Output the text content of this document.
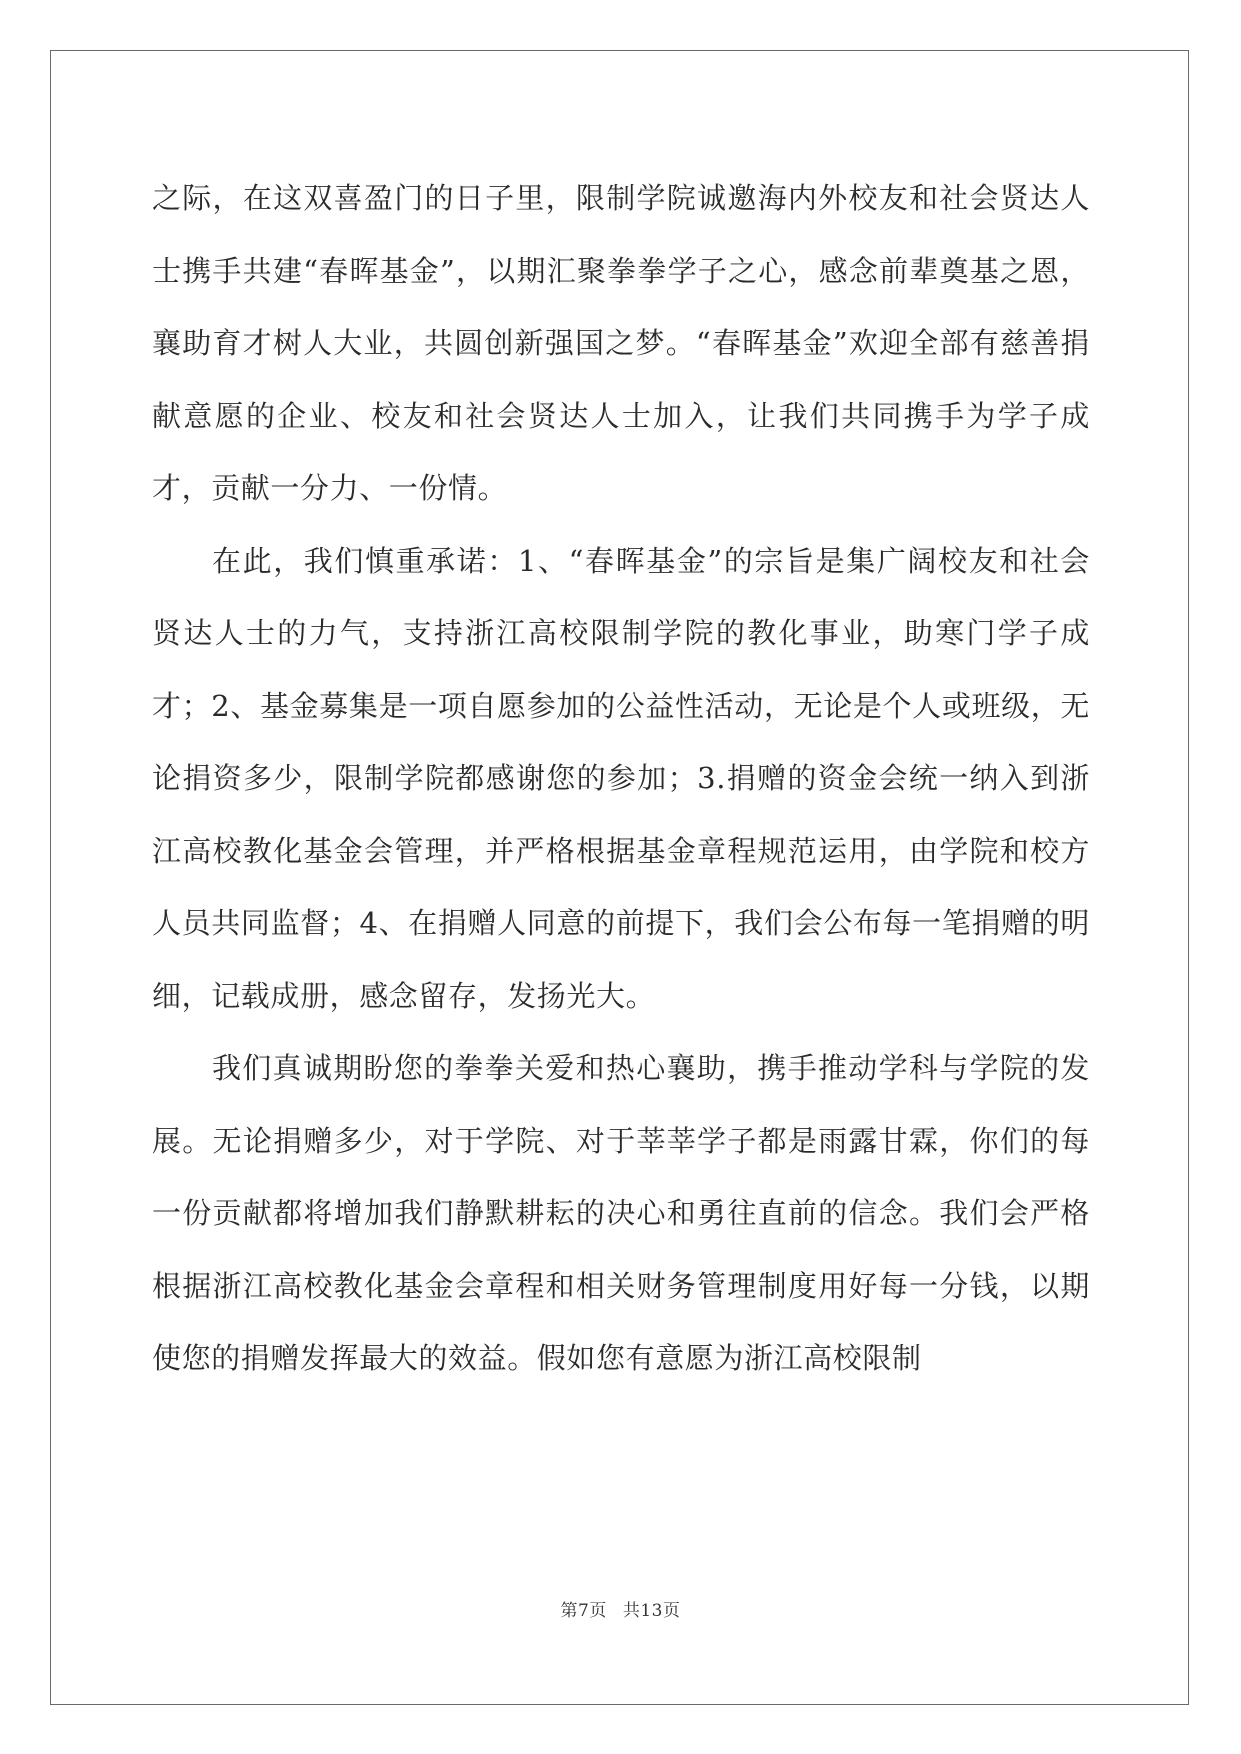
之际，在这双喜盈门的日子里，限制学院诚邀海内外校友和社会贤达人士携手共建“春晖基金”，以期汇聚拳拳学子之心，感念前辈奠基之恩，襄助育才树人大业，共圆创新强国之梦。“春晖基金”欢迎全部有慈善捐献意愿的企业、校友和社会贤达人士加入，让我们共同携手为学子成才，贡献一分力、一份情。

在此，我们慎重承诺：1、“春晖基金”的宗旨是集广阔校友和社会贤达人士的力气，支持浙江高校限制学院的教化事业，助寒门学子成才；2、基金募集是一项自愿参加的公益性活动，无论是个人或班级，无论捐资多少，限制学院都感谢您的参加；3.捐赠的资金会统一纳入到浙江高校教化基金会管理，并严格根据基金章程规范运用，由学院和校方人员共同监督；4、在捐赠人同意的前提下，我们会公布每一笔捐赠的明细，记载成册，感念留存，发扬光大。

我们真诚期盼您的拳拳关爱和热心襄助，携手推动学科与学院的发展。无论捐赠多少，对于学院、对于莘莘学子都是雨露甘霖，你们的每一份贡献都将增加我们静默耕耘的决心和勇往直前的信念。我们会严格根据浙江高校教化基金会章程和相关财务管理制度用好每一分钱，以期使您的捐赠发挥最大的效益。假如您有意愿为浙江高校限制

第7页 共13页
